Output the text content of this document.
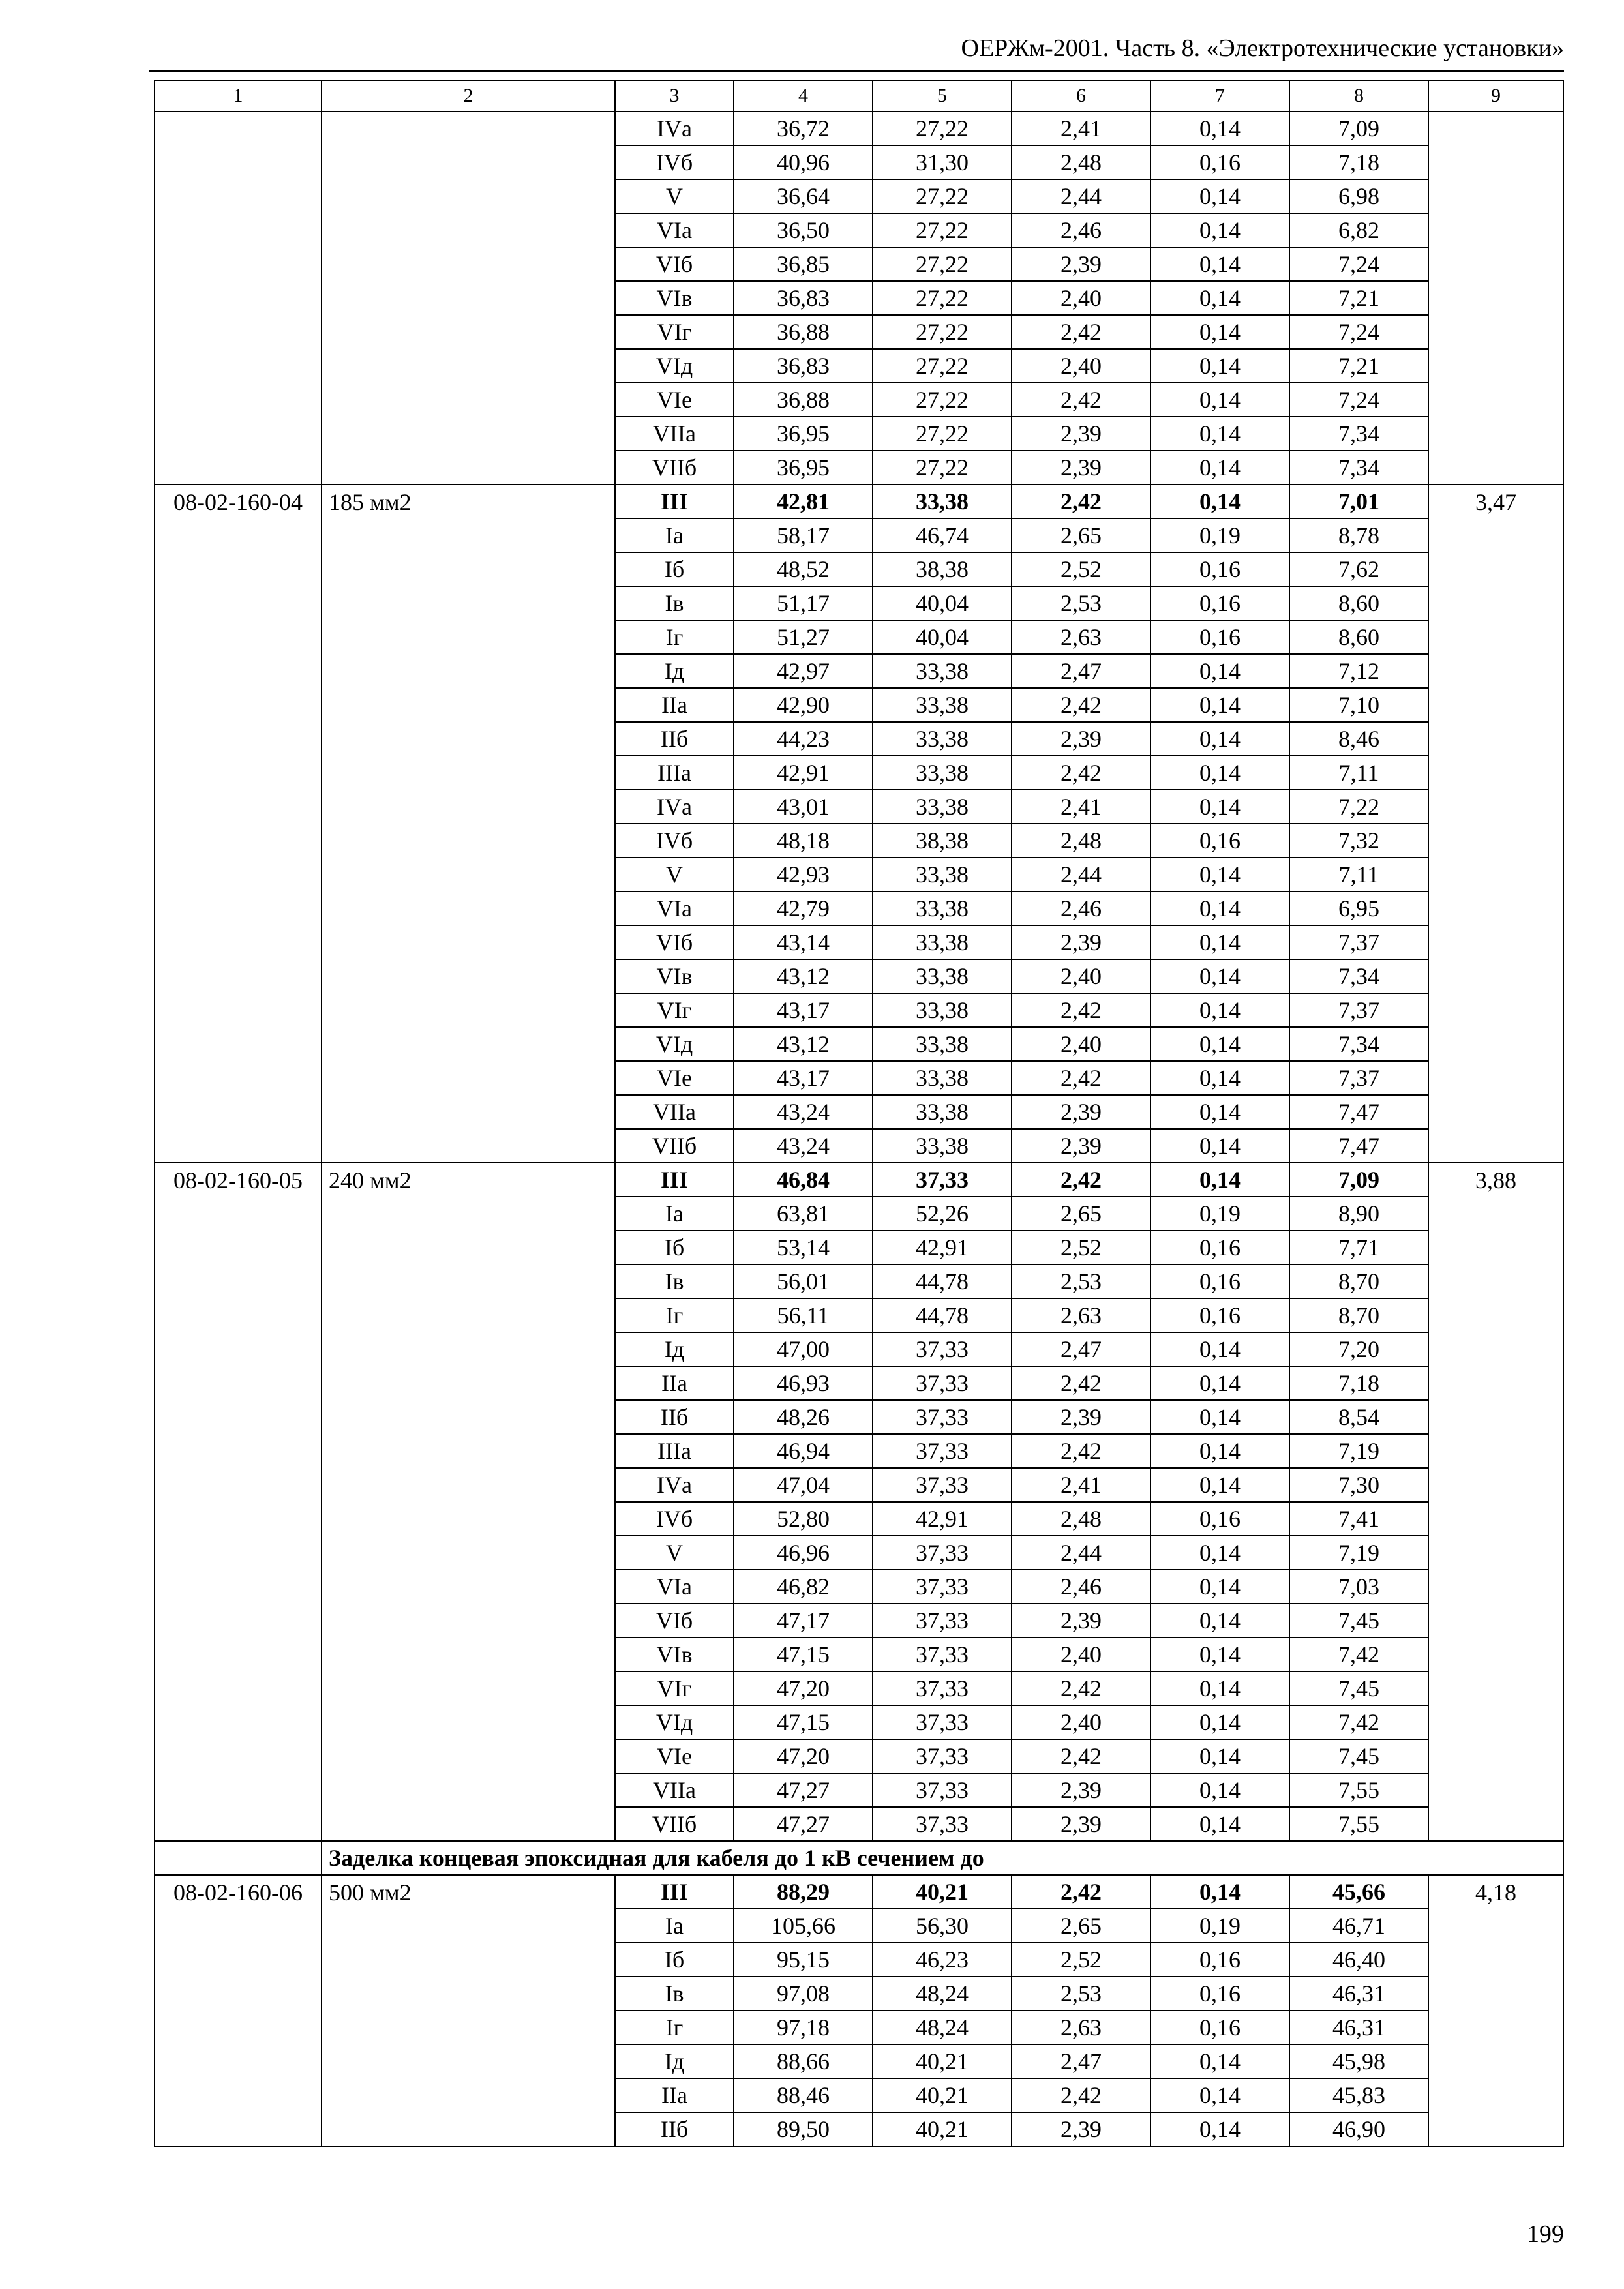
ОЕРЖм-2001. Часть 8. «Электротехнические установки»
1	2	3	4	5	6	7	8	9
		IVа	36,72	27,22	2,41	0,14	7,09	
		IVб	40,96	31,30	2,48	0,16	7,18	
		V	36,64	27,22	2,44	0,14	6,98	
		VIа	36,50	27,22	2,46	0,14	6,82	
		VIб	36,85	27,22	2,39	0,14	7,24	
		VIв	36,83	27,22	2,40	0,14	7,21	
		VIг	36,88	27,22	2,42	0,14	7,24	
		VIд	36,83	27,22	2,40	0,14	7,21	
		VIе	36,88	27,22	2,42	0,14	7,24	
		VIIа	36,95	27,22	2,39	0,14	7,34	
		VIIб	36,95	27,22	2,39	0,14	7,34	
08-02-160-04	185 мм2	III	42,81	33,38	2,42	0,14	7,01	3,47
		Iа	58,17	46,74	2,65	0,19	8,78	
		Iб	48,52	38,38	2,52	0,16	7,62	
		Iв	51,17	40,04	2,53	0,16	8,60	
		Iг	51,27	40,04	2,63	0,16	8,60	
		Iд	42,97	33,38	2,47	0,14	7,12	
		IIа	42,90	33,38	2,42	0,14	7,10	
		IIб	44,23	33,38	2,39	0,14	8,46	
		IIIа	42,91	33,38	2,42	0,14	7,11	
		IVа	43,01	33,38	2,41	0,14	7,22	
		IVб	48,18	38,38	2,48	0,16	7,32	
		V	42,93	33,38	2,44	0,14	7,11	
		VIа	42,79	33,38	2,46	0,14	6,95	
		VIб	43,14	33,38	2,39	0,14	7,37	
		VIв	43,12	33,38	2,40	0,14	7,34	
		VIг	43,17	33,38	2,42	0,14	7,37	
		VIд	43,12	33,38	2,40	0,14	7,34	
		VIе	43,17	33,38	2,42	0,14	7,37	
		VIIа	43,24	33,38	2,39	0,14	7,47	
		VIIб	43,24	33,38	2,39	0,14	7,47	
08-02-160-05	240 мм2	III	46,84	37,33	2,42	0,14	7,09	3,88
		Iа	63,81	52,26	2,65	0,19	8,90	
		Iб	53,14	42,91	2,52	0,16	7,71	
		Iв	56,01	44,78	2,53	0,16	8,70	
		Iг	56,11	44,78	2,63	0,16	8,70	
		Iд	47,00	37,33	2,47	0,14	7,20	
		IIа	46,93	37,33	2,42	0,14	7,18	
		IIб	48,26	37,33	2,39	0,14	8,54	
		IIIа	46,94	37,33	2,42	0,14	7,19	
		IVа	47,04	37,33	2,41	0,14	7,30	
		IVб	52,80	42,91	2,48	0,16	7,41	
		V	46,96	37,33	2,44	0,14	7,19	
		VIа	46,82	37,33	2,46	0,14	7,03	
		VIб	47,17	37,33	2,39	0,14	7,45	
		VIв	47,15	37,33	2,40	0,14	7,42	
		VIг	47,20	37,33	2,42	0,14	7,45	
		VIд	47,15	37,33	2,40	0,14	7,42	
		VIе	47,20	37,33	2,42	0,14	7,45	
		VIIа	47,27	37,33	2,39	0,14	7,55	
		VIIб	47,27	37,33	2,39	0,14	7,55	
	Заделка концевая эпоксидная для кабеля до 1 кВ сечением до							
08-02-160-06	500 мм2	III	88,29	40,21	2,42	0,14	45,66	4,18
		Iа	105,66	56,30	2,65	0,19	46,71	
		Iб	95,15	46,23	2,52	0,16	46,40	
		Iв	97,08	48,24	2,53	0,16	46,31	
		Iг	97,18	48,24	2,63	0,16	46,31	
		Iд	88,66	40,21	2,47	0,14	45,98	
		IIа	88,46	40,21	2,42	0,14	45,83	
		IIб	89,50	40,21	2,39	0,14	46,90	
199
